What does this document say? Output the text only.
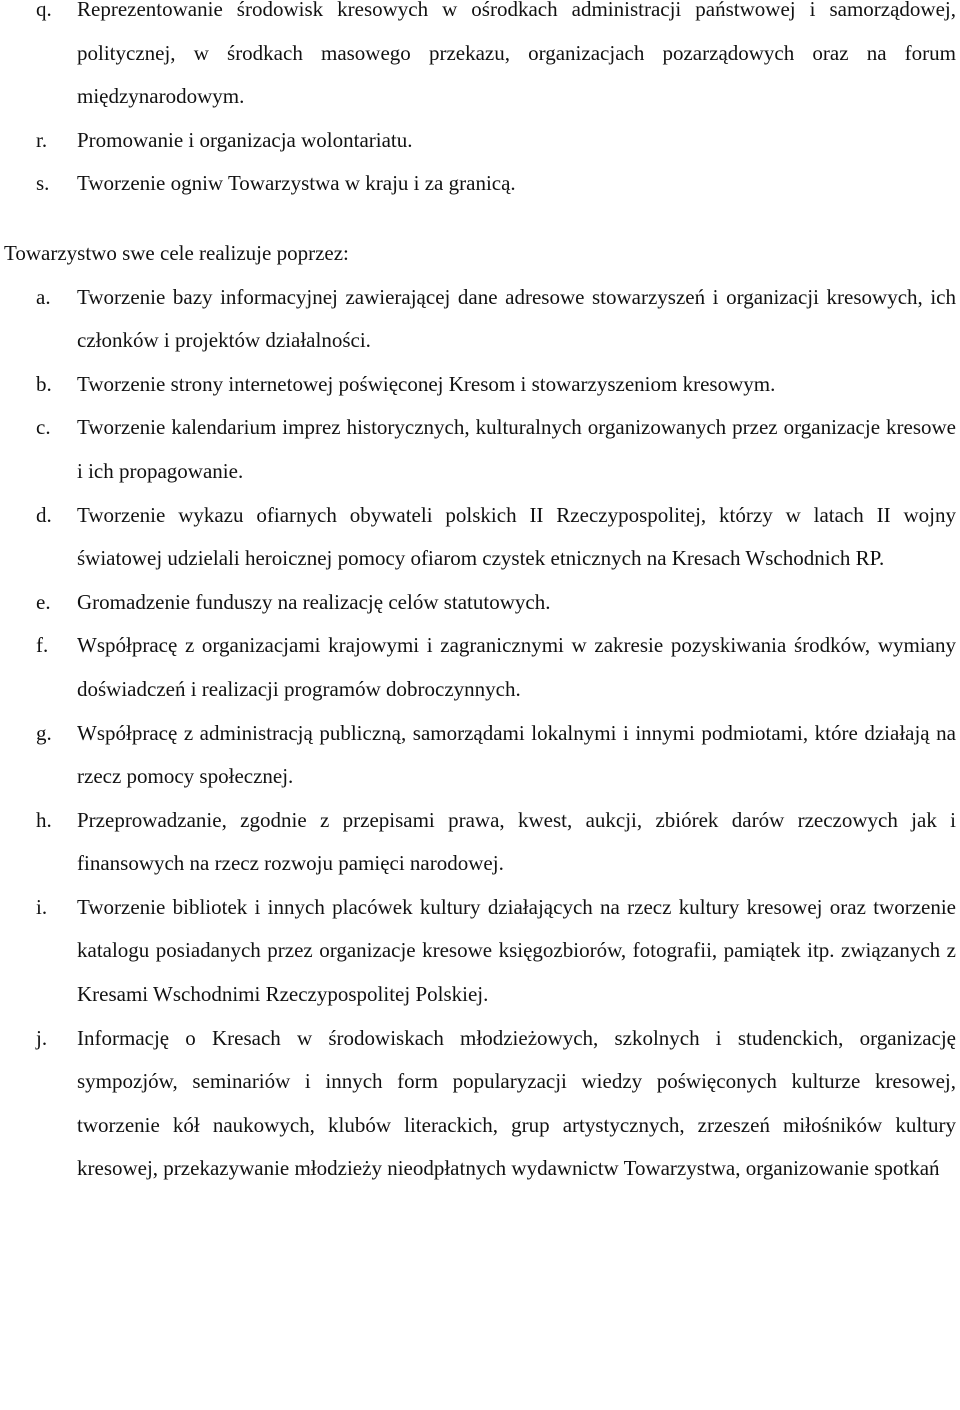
q. Reprezentowanie środowisk kresowych w ośrodkach administracji państwowej i samorządowej, politycznej, w środkach masowego przekazu, organizacjach pozarządowych oraz na forum międzynarodowym.
r. Promowanie i organizacja wolontariatu.
s. Tworzenie ogniw Towarzystwa w kraju i za granicą.

Towarzystwo swe cele realizuje poprzez:

a. Tworzenie bazy informacyjnej zawierającej dane adresowe stowarzyszeń i organizacji kresowych, ich członków i projektów działalności.
b. Tworzenie strony internetowej poświęconej Kresom i stowarzyszeniom kresowym.
c. Tworzenie kalendarium imprez historycznych, kulturalnych organizowanych przez organizacje kresowe i ich propagowanie.
d. Tworzenie wykazu ofiarnych obywateli polskich II Rzeczypospolitej, którzy w latach II wojny światowej udzielali heroicznej pomocy ofiarom czystek etnicznych na Kresach Wschodnich RP.
e. Gromadzenie funduszy na realizację celów statutowych.
f. Współpracę z organizacjami krajowymi i zagranicznymi w zakresie pozyskiwania środków, wymiany doświadczeń i realizacji programów dobroczynnych.
g. Współpracę z administracją publiczną, samorządami lokalnymi i innymi podmiotami, które działają na rzecz pomocy społecznej.
h. Przeprowadzanie, zgodnie z przepisami prawa, kwest, aukcji, zbiórek darów rzeczowych jak i finansowych na rzecz rozwoju pamięci narodowej.
i. Tworzenie bibliotek i innych placówek kultury działających na rzecz kultury kresowej oraz tworzenie katalogu posiadanych przez organizacje kresowe księgozbiorów, fotografii, pamiątek itp. związanych z Kresami Wschodnimi Rzeczypospolitej Polskiej.
j. Informację o Kresach w środowiskach młodzieżowych, szkolnych i studenckich, organizację sympozjów, seminariów i innych form popularyzacji wiedzy poświęconych kulturze kresowej, tworzenie kół naukowych, klubów literackich, grup artystycznych, zrzeszeń miłośników kultury kresowej, przekazywanie młodzieży nieodpłatnych wydawnictw Towarzystwa, organizowanie spotkań
